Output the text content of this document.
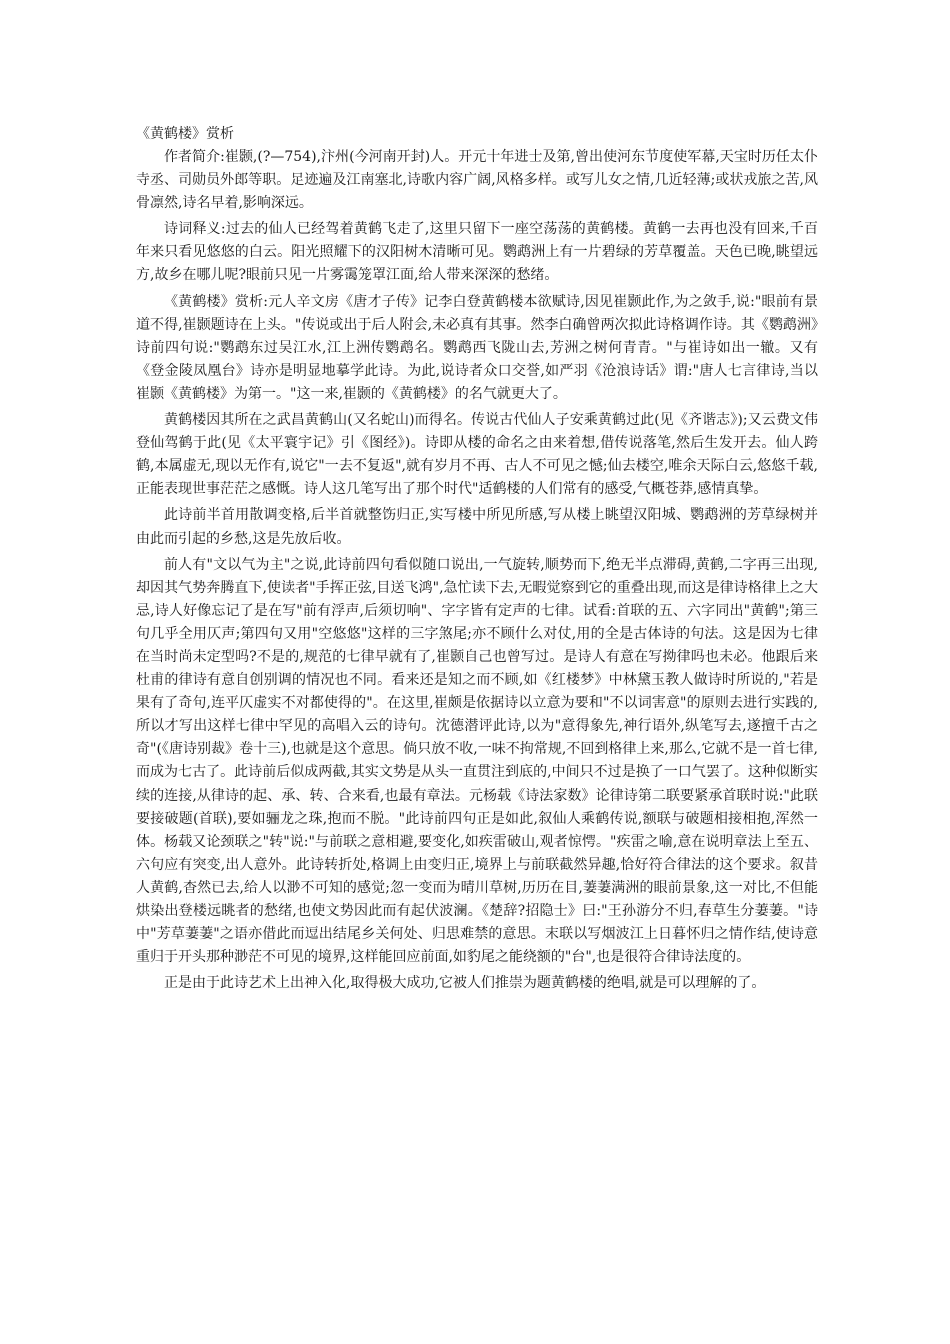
《黄鹤楼》赏析

作者简介:崔颢,(?—754),汴州(今河南开封)人。开元十年进士及第,曾出使河东节度使军幕,天宝时历任太仆寺丞、司勋员外郎等职。足迹遍及江南塞北,诗歌内容广阔,风格多样。或写儿女之情,几近轻薄;或状戎旅之苦,风骨凛然,诗名早着,影响深远。

诗词释义:过去的仙人已经驾着黄鹤飞走了,这里只留下一座空荡荡的黄鹤楼。黄鹤一去再也没有回来,千百年来只看见悠悠的白云。阳光照耀下的汉阳树木清晰可见。鹦鹉洲上有一片碧绿的芳草覆盖。天色已晚,眺望远方,故乡在哪儿呢?眼前只见一片雾霭笼罩江面,给人带来深深的愁绪。

《黄鹤楼》赏析:元人辛文房《唐才子传》记李白登黄鹤楼本欲赋诗,因见崔颢此作,为之敛手,说:"眼前有景道不得,崔颢题诗在上头。"传说或出于后人附会,未必真有其事。然李白确曾两次拟此诗格调作诗。其《鹦鹉洲》诗前四句说:"鹦鹉东过吴江水,江上洲传鹦鹉名。鹦鹉西飞陇山去,芳洲之树何青青。"与崔诗如出一辙。又有《登金陵凤凰台》诗亦是明显地摹学此诗。为此,说诗者众口交誉,如严羽《沧浪诗话》谓:"唐人七言律诗,当以崔颢《黄鹤楼》为第一。"这一来,崔颢的《黄鹤楼》的名气就更大了。

黄鹤楼因其所在之武昌黄鹤山(又名蛇山)而得名。传说古代仙人子安乘黄鹤过此(见《齐谐志》);又云费文伟登仙驾鹤于此(见《太平寰宇记》引《图经》)。诗即从楼的命名之由来着想,借传说落笔,然后生发开去。仙人跨鹤,本属虚无,现以无作有,说它"一去不复返",就有岁月不再、古人不可见之憾;仙去楼空,唯余天际白云,悠悠千载,正能表现世事茫茫之感慨。诗人这几笔写出了那个时代"适鹤楼的人们常有的感受,气概苍莽,感情真挚。

此诗前半首用散调变格,后半首就整饬归正,实写楼中所见所感,写从楼上眺望汉阳城、鹦鹉洲的芳草绿树并由此而引起的乡愁,这是先放后收。

前人有"文以气为主"之说,此诗前四句看似随口说出,一气旋转,顺势而下,绝无半点滞碍,黄鹤,二字再三出现,却因其气势奔腾直下,使读者"手挥正弦,目送飞鸿",急忙读下去,无暇觉察到它的重叠出现,而这是律诗格律上之大忌,诗人好像忘记了是在写"前有浮声,后须切响"、字字皆有定声的七律。试看:首联的五、六字同出"黄鹤";第三句几乎全用仄声;第四句又用"空悠悠"这样的三字煞尾;亦不顾什么对仗,用的全是古体诗的句法。这是因为七律在当时尚未定型吗?不是的,规范的七律早就有了,崔颢自己也曾写过。是诗人有意在写拗律吗也未必。他跟后来杜甫的律诗有意自创别调的情况也不同。看来还是知之而不顾,如《红楼梦》中林黛玉教人做诗时所说的,"若是果有了奇句,连平仄虚实不对都使得的"。在这里,崔颇是依据诗以立意为要和"不以词害意"的原则去进行实践的,所以才写出这样七律中罕见的高唱入云的诗句。沈德潜评此诗,以为"意得象先,神行语外,纵笔写去,遂擅千古之奇"(《唐诗别裁》卷十三),也就是这个意思。倘只放不收,一味不拘常规,不回到格律上来,那么,它就不是一首七律,而成为七古了。此诗前后似成两截,其实文势是从头一直贯注到底的,中间只不过是换了一口气罢了。这种似断实续的连接,从律诗的起、承、转、合来看,也最有章法。元杨载《诗法家数》论律诗第二联要紧承首联时说:"此联要接破题(首联),要如骊龙之珠,抱而不脱。"此诗前四句正是如此,叙仙人乘鹤传说,额联与破题相接相抱,浑然一体。杨载又论颈联之"转"说:"与前联之意相避,要变化,如疾雷破山,观者惊愕。"疾雷之喻,意在说明章法上至五、六句应有突变,出人意外。此诗转折处,格调上由变归正,境界上与前联截然异趣,恰好符合律法的这个要求。叙昔人黄鹤,杳然已去,给人以渺不可知的感觉;忽一变而为晴川草树,历历在目,萋萋满洲的眼前景象,这一对比,不但能烘染出登楼远眺者的愁绪,也使文势因此而有起伏波澜。《楚辞?招隐士》曰:"王孙游分不归,春草生分萋萋。"诗中"芳草萋萋"之语亦借此而逗出结尾乡关何处、归思难禁的意思。末联以写烟波江上日暮怀归之情作结,使诗意重归于开头那种渺茫不可见的境界,这样能回应前面,如豹尾之能绕额的"台",也是很符合律诗法度的。

正是由于此诗艺术上出神入化,取得极大成功,它被人们推崇为题黄鹤楼的绝唱,就是可以理解的了。
